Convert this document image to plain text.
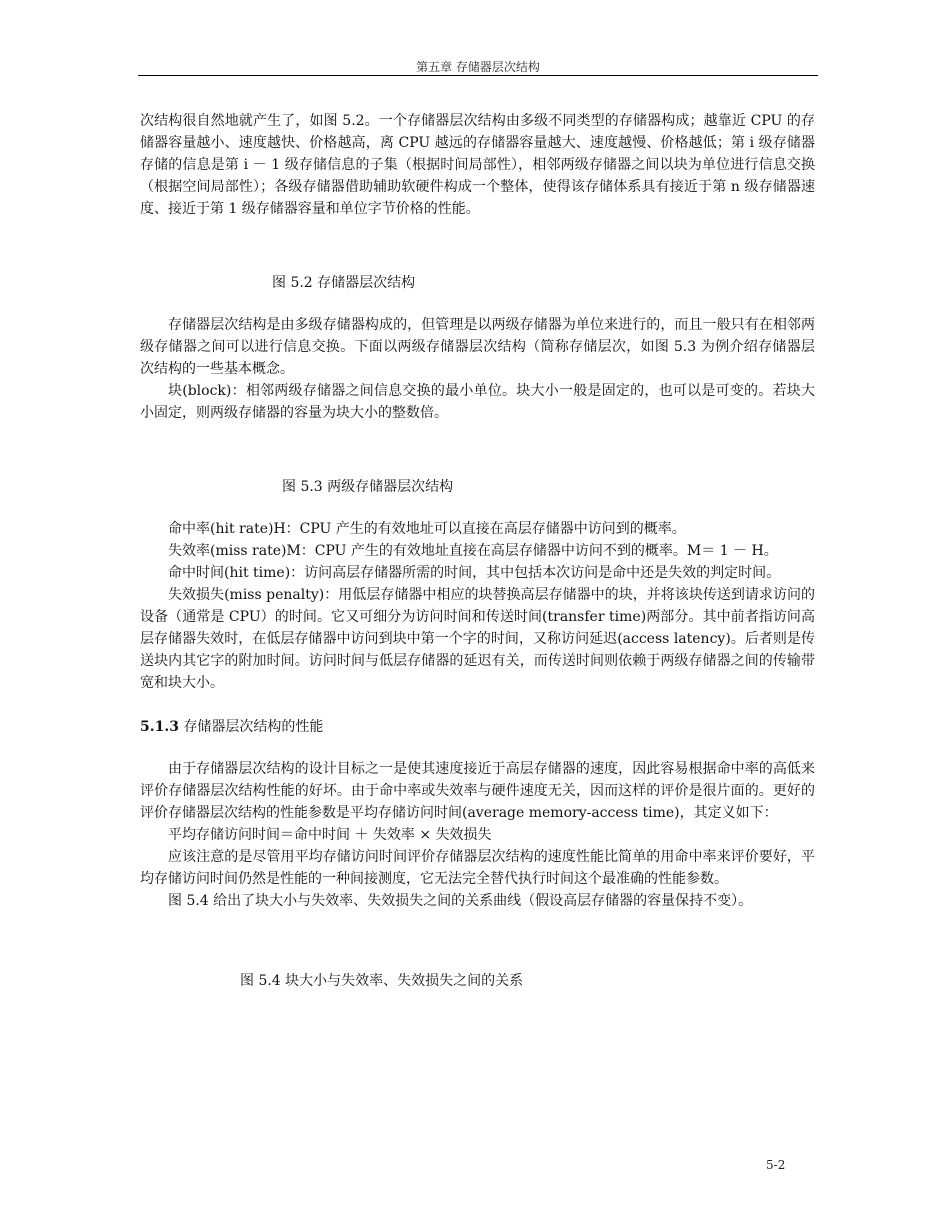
第五章 存储器层次结构

次结构很自然地就产生了，如图 5.2。一个存储器层次结构由多级不同类型的存储器构成；越靠近 CPU 的存储器容量越小、速度越快、价格越高，离 CPU 越远的存储器容量越大、速度越慢、价格越低；第 i 级存储器存储的信息是第 i － 1 级存储信息的子集（根据时间局部性），相邻两级存储器之间以块为单位进行信息交换（根据空间局部性）；各级存储器借助辅助软硬件构成一个整体，使得该存储体系具有接近于第 n 级存储器速度、接近于第 1 级存储器容量和单位字节价格的性能。

图 5.2 存储器层次结构

存储器层次结构是由多级存储器构成的，但管理是以两级存储器为单位来进行的，而且一般只有在相邻两级存储器之间可以进行信息交换。下面以两级存储器层次结构（简称存储层次，如图 5.3 为例介绍存储器层次结构的一些基本概念。

块(block)：相邻两级存储器之间信息交换的最小单位。块大小一般是固定的，也可以是可变的。若块大小固定，则两级存储器的容量为块大小的整数倍。

图 5.3 两级存储器层次结构

命中率(hit rate)H：CPU 产生的有效地址可以直接在高层存储器中访问到的概率。

失效率(miss rate)M：CPU 产生的有效地址直接在高层存储器中访问不到的概率。M＝ 1 － H。

命中时间(hit time)：访问高层存储器所需的时间，其中包括本次访问是命中还是失效的判定时间。

失效损失(miss penalty)：用低层存储器中相应的块替换高层存储器中的块，并将该块传送到请求访问的设备（通常是 CPU）的时间。它又可细分为访问时间和传送时间(transfer time)两部分。其中前者指访问高层存储器失效时，在低层存储器中访问到块中第一个字的时间，又称访问延迟(access latency)。后者则是传送块内其它字的附加时间。访问时间与低层存储器的延迟有关，而传送时间则依赖于两级存储器之间的传输带宽和块大小。

5.1.3 存储器层次结构的性能

由于存储器层次结构的设计目标之一是使其速度接近于高层存储器的速度，因此容易根据命中率的高低来评价存储器层次结构性能的好坏。由于命中率或失效率与硬件速度无关，因而这样的评价是很片面的。更好的评价存储器层次结构的性能参数是平均存储访问时间(average memory-access time)，其定义如下：

平均存储访问时间＝命中时间 ＋ 失效率 × 失效损失

应该注意的是尽管用平均存储访问时间评价存储器层次结构的速度性能比简单的用命中率来评价要好，平均存储访问时间仍然是性能的一种间接测度，它无法完全替代执行时间这个最准确的性能参数。

图 5.4 给出了块大小与失效率、失效损失之间的关系曲线（假设高层存储器的容量保持不变）。

图 5.4 块大小与失效率、失效损失之间的关系
5-2
